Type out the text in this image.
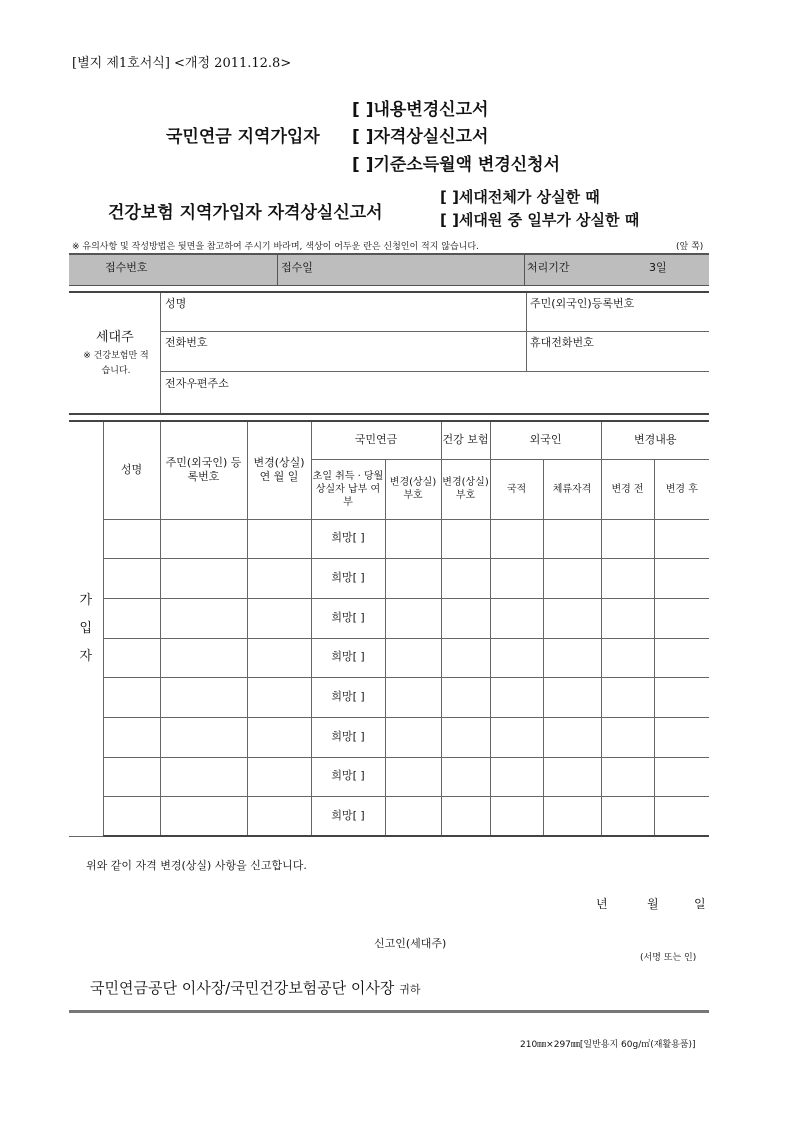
[별지 제1호서식] <개정 2011.12.8>
국민연금 지역가입자
[ ]내용변경신고서
[ ]자격상실신고서
[ ]기준소득월액 변경신청서
건강보험 지역가입자 자격상실신고서
[ ]세대전체가 상실한 때
[ ]세대원 중 일부가 상실한 때
※ 유의사항 및 작성방법은 뒷면을 참고하여 주시기 바라며, 색상이 어두운 란은 신청인이 적지 않습니다.	(앞 쪽)
접수번호	접수일	처리기간	3일
세대주
※ 건강보험만 적습니다.
성명	주민(외국인)등록번호
전화번호	휴대전화번호
전자우편주소
가입자	성명	주민(외국인) 등록번호	변경(상실) 연 월 일	국민연금		건강 보험	외국인		변경내용	
				초일 취득 · 당월 상실자 납부 여부	변경(상실) 부호	변경(상실)부호	국적	체류자격	변경 전	변경 후
				희망[ ]						
				희망[ ]						
				희망[ ]						
				희망[ ]						
				희망[ ]						
				희망[ ]						
				희망[ ]						
				희망[ ]						
위와 같이 자격 변경(상실) 사항을 신고합니다.
년	월	일
신고인(세대주)
(서명 또는 인)
국민연금공단 이사장/국민건강보험공단 이사장 귀하
210㎜×297㎜[일반용지 60g/㎡(재활용품)]
